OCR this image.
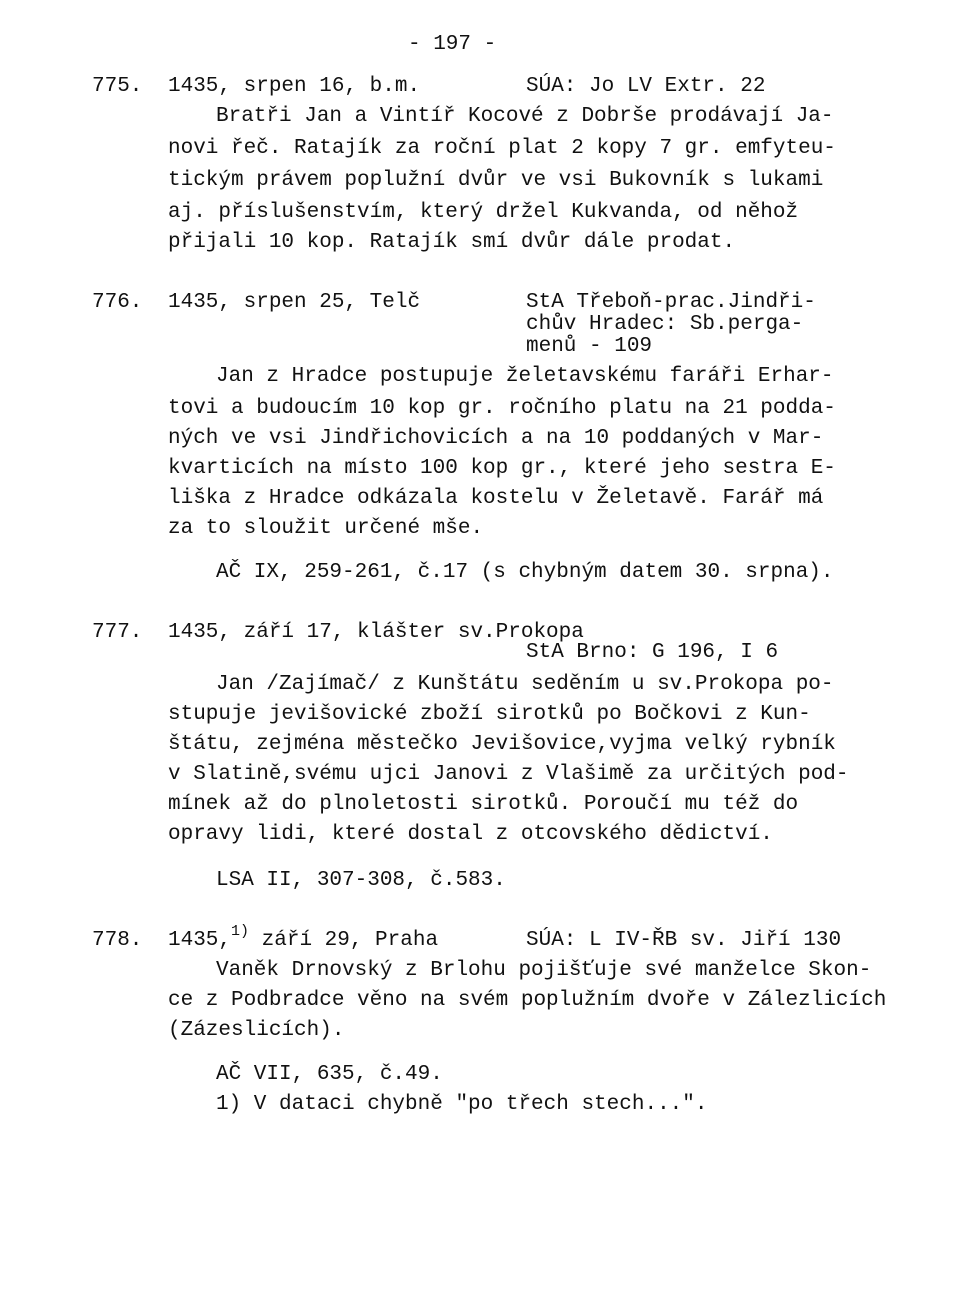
- 197 -
775. 1435, srpen 16, b.m.	SÚA: Jo LV Extr. 22
Bratři Jan a Vintíř Kocové z Dobrše prodávají Ja-
novi řeč. Ratajík za roční plat 2 kopy 7 gr. emfyteu-
tickým právem poplužní dvůr ve vsi Bukovník s lukami
aj. příslušenstvím, který držel Kukvanda, od něhož
přijali 10 kop. Ratajík smí dvůr dále prodat.
776. 1435, srpen 25, Telč	StA Třeboň-prac.Jindři-
chův Hradec: Sb.perga-
menů - 109
Jan z Hradce postupuje želetavskému faráři Erhar-
tovi a budoucím 10 kop gr. ročního platu na 21 podda-
ných ve vsi Jindřichovicích a na 10 poddaných v Mar-
kvarticích na místo 100 kop gr., které jeho sestra E-
liška z Hradce odkázala kostelu v Želetavě. Farář má
za to sloužit určené mše.
AČ IX, 259-261, č.17 (s chybným datem 30. srpna).
777. 1435, září 17, klášter sv.Prokopa
StA Brno: G 196, I 6
Jan /Zajímač/ z Kunštátu seděním u sv.Prokopa po-
stupuje jevišovické zboží sirotků po Bočkovi z Kun-
štátu, zejména městečko Jevišovice,vyjma velký rybník
v Slatině,svému ujci Janovi z Vlašimě za určitých pod-
mínek až do plnoletosti sirotků. Poroučí mu též do
opravy lidi, které dostal z otcovského dědictví.
LSA II, 307-308, č.583.
778. 1435,$^{1)}$ září 29, Praha	SÚA: L IV-ŘB sv. Jiří 130
Vaněk Drnovský z Brlohu pojišťuje své manželce Skon-
ce z Podbradce věno na svém poplužním dvoře v Zálezlicích
(Zázeslicích).
AČ VII, 635, č.49.
1) V dataci chybně "po třech stech...".
